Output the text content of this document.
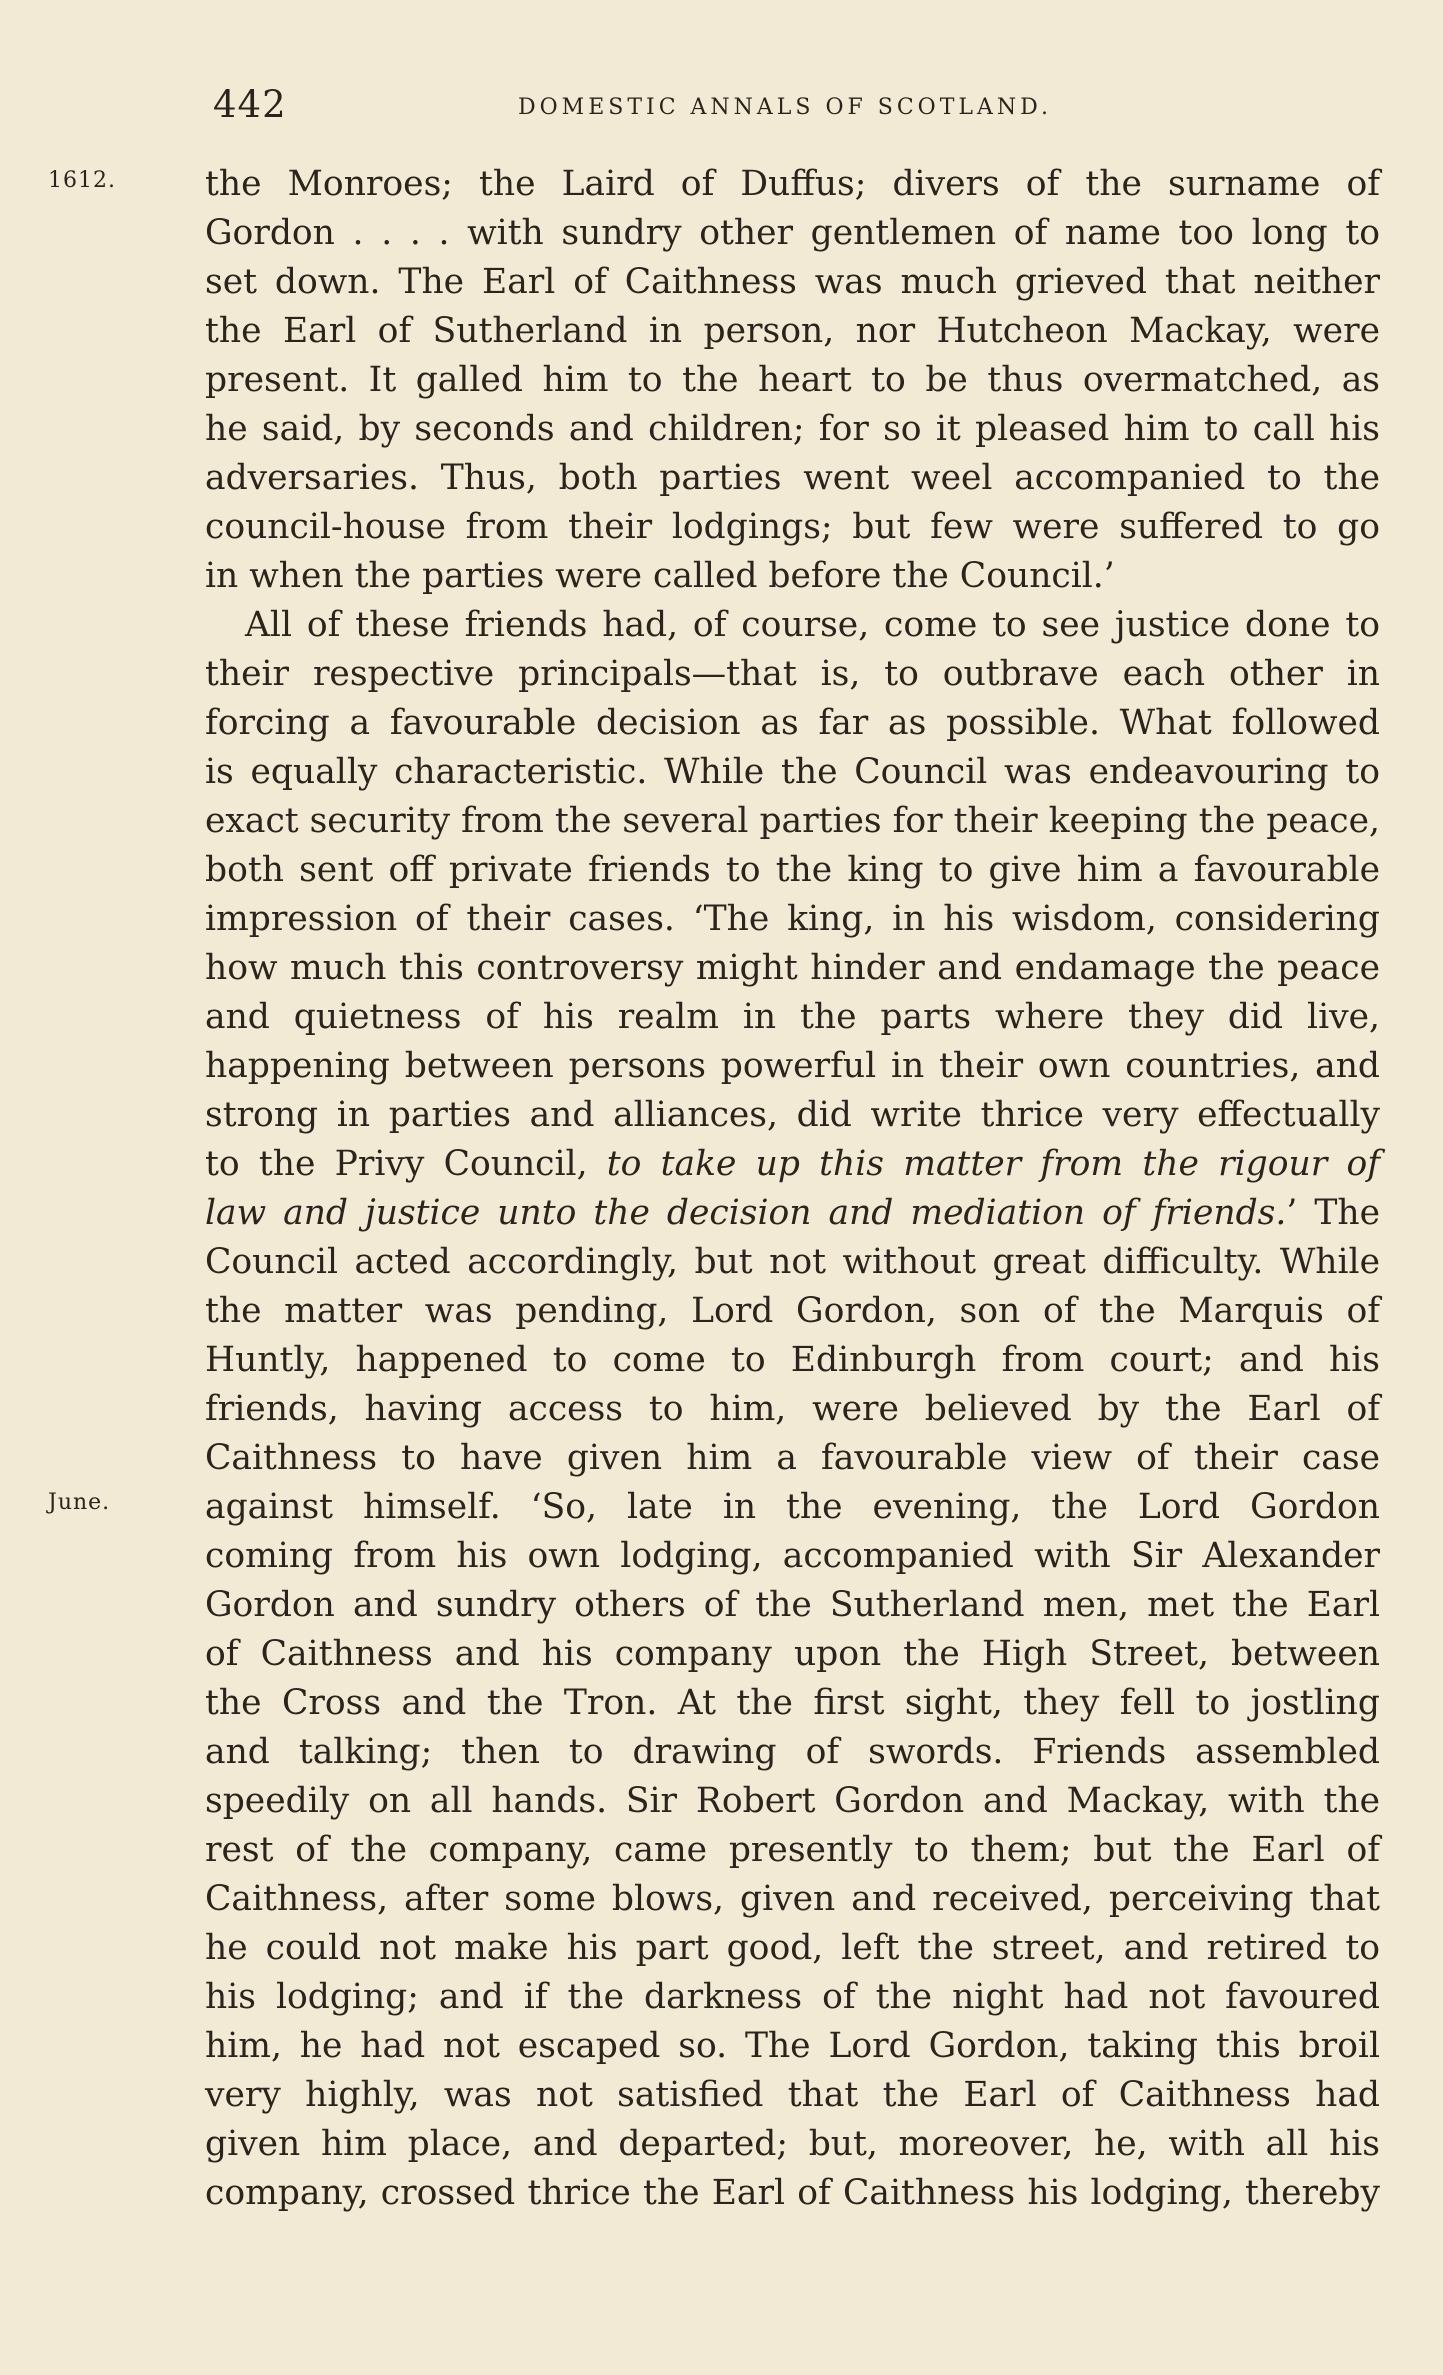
442	DOMESTIC ANNALS OF SCOTLAND.
1612.
June.
the Monroes; the Laird of Duffus; divers of the surname of
Gordon . . . . with sundry other gentlemen of name too long to
set down. The Earl of Caithness was much grieved that neither
the Earl of Sutherland in person, nor Hutcheon Mackay, were
present. It galled him to the heart to be thus overmatched, as
he said, by seconds and children; for so it pleased him to call his
adversaries. Thus, both parties went weel accompanied to the
council-house from their lodgings; but few were suffered to go
in when the parties were called before the Council.’
All of these friends had, of course, come to see justice done to
their respective principals—that is, to outbrave each other in
forcing a favourable decision as far as possible. What followed
is equally characteristic. While the Council was endeavouring to
exact security from the several parties for their keeping the peace,
both sent off private friends to the king to give him a favourable
impression of their cases. ‘The king, in his wisdom, considering
how much this controversy might hinder and endamage the peace
and quietness of his realm in the parts where they did live,
happening between persons powerful in their own countries, and
strong in parties and alliances, did write thrice very effectually
to the Privy Council, to take up this matter from the rigour of
law and justice unto the decision and mediation of friends.’ The
Council acted accordingly, but not without great difficulty. While
the matter was pending, Lord Gordon, son of the Marquis of
Huntly, happened to come to Edinburgh from court; and his
friends, having access to him, were believed by the Earl of
Caithness to have given him a favourable view of their case
against himself. ‘So, late in the evening, the Lord Gordon
coming from his own lodging, accompanied with Sir Alexander
Gordon and sundry others of the Sutherland men, met the Earl
of Caithness and his company upon the High Street, between
the Cross and the Tron. At the first sight, they fell to jostling
and talking; then to drawing of swords. Friends assembled
speedily on all hands. Sir Robert Gordon and Mackay, with the
rest of the company, came presently to them; but the Earl of
Caithness, after some blows, given and received, perceiving that
he could not make his part good, left the street, and retired to
his lodging; and if the darkness of the night had not favoured
him, he had not escaped so. The Lord Gordon, taking this broil
very highly, was not satisfied that the Earl of Caithness had
given him place, and departed; but, moreover, he, with all his
company, crossed thrice the Earl of Caithness his lodging, thereby
